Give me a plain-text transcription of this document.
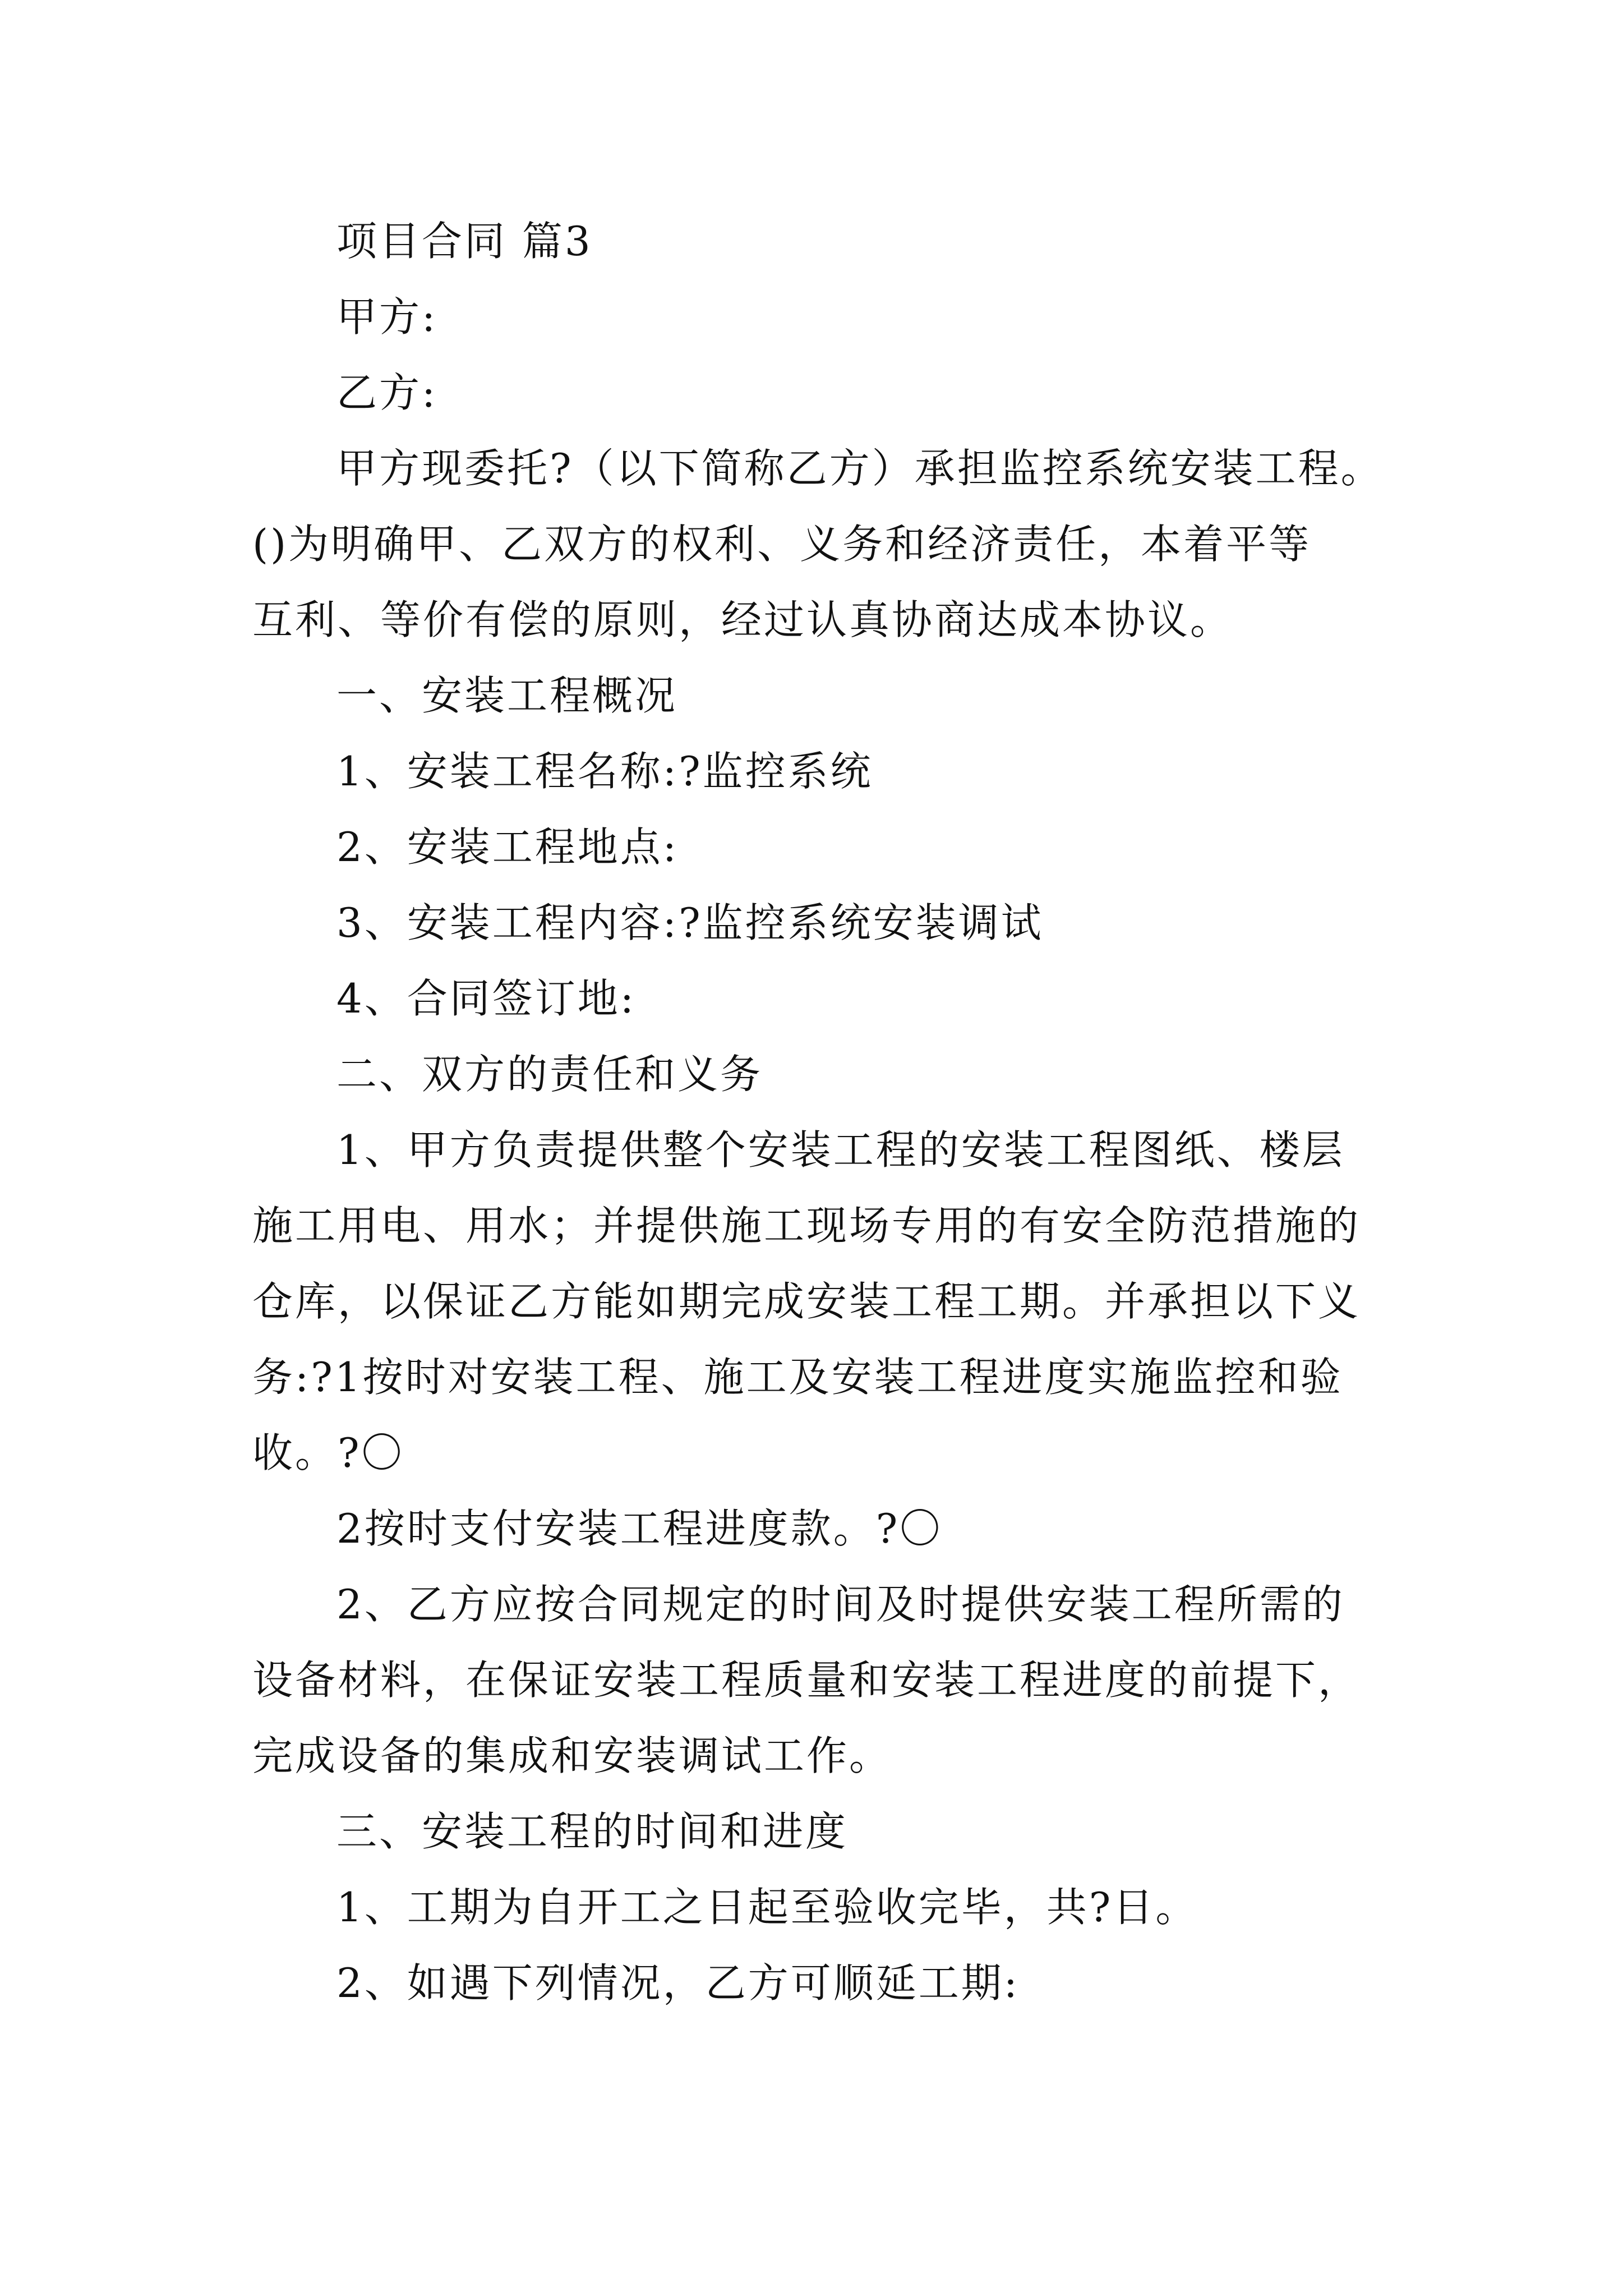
项目合同 篇3
甲方:
乙方:
甲方现委托?（以下简称乙方）承担监控系统安装工程。
()为明确甲、乙双方的权利、义务和经济责任，本着平等
互利、等价有偿的原则，经过认真协商达成本协议。
一、安装工程概况
1、安装工程名称:?监控系统
2、安装工程地点:
3、安装工程内容:?监控系统安装调试
4、合同签订地:
二、双方的责任和义务
1、甲方负责提供整个安装工程的安装工程图纸、楼层
施工用电、用水；并提供施工现场专用的有安全防范措施的
仓库，以保证乙方能如期完成安装工程工期。并承担以下义
务:?1按时对安装工程、施工及安装工程进度实施监控和验
收。?〇
2按时支付安装工程进度款。?〇
2、乙方应按合同规定的时间及时提供安装工程所需的
设备材料，在保证安装工程质量和安装工程进度的前提下，
完成设备的集成和安装调试工作。
三、安装工程的时间和进度
1、工期为自开工之日起至验收完毕，共?日。
2、如遇下列情况，乙方可顺延工期:
